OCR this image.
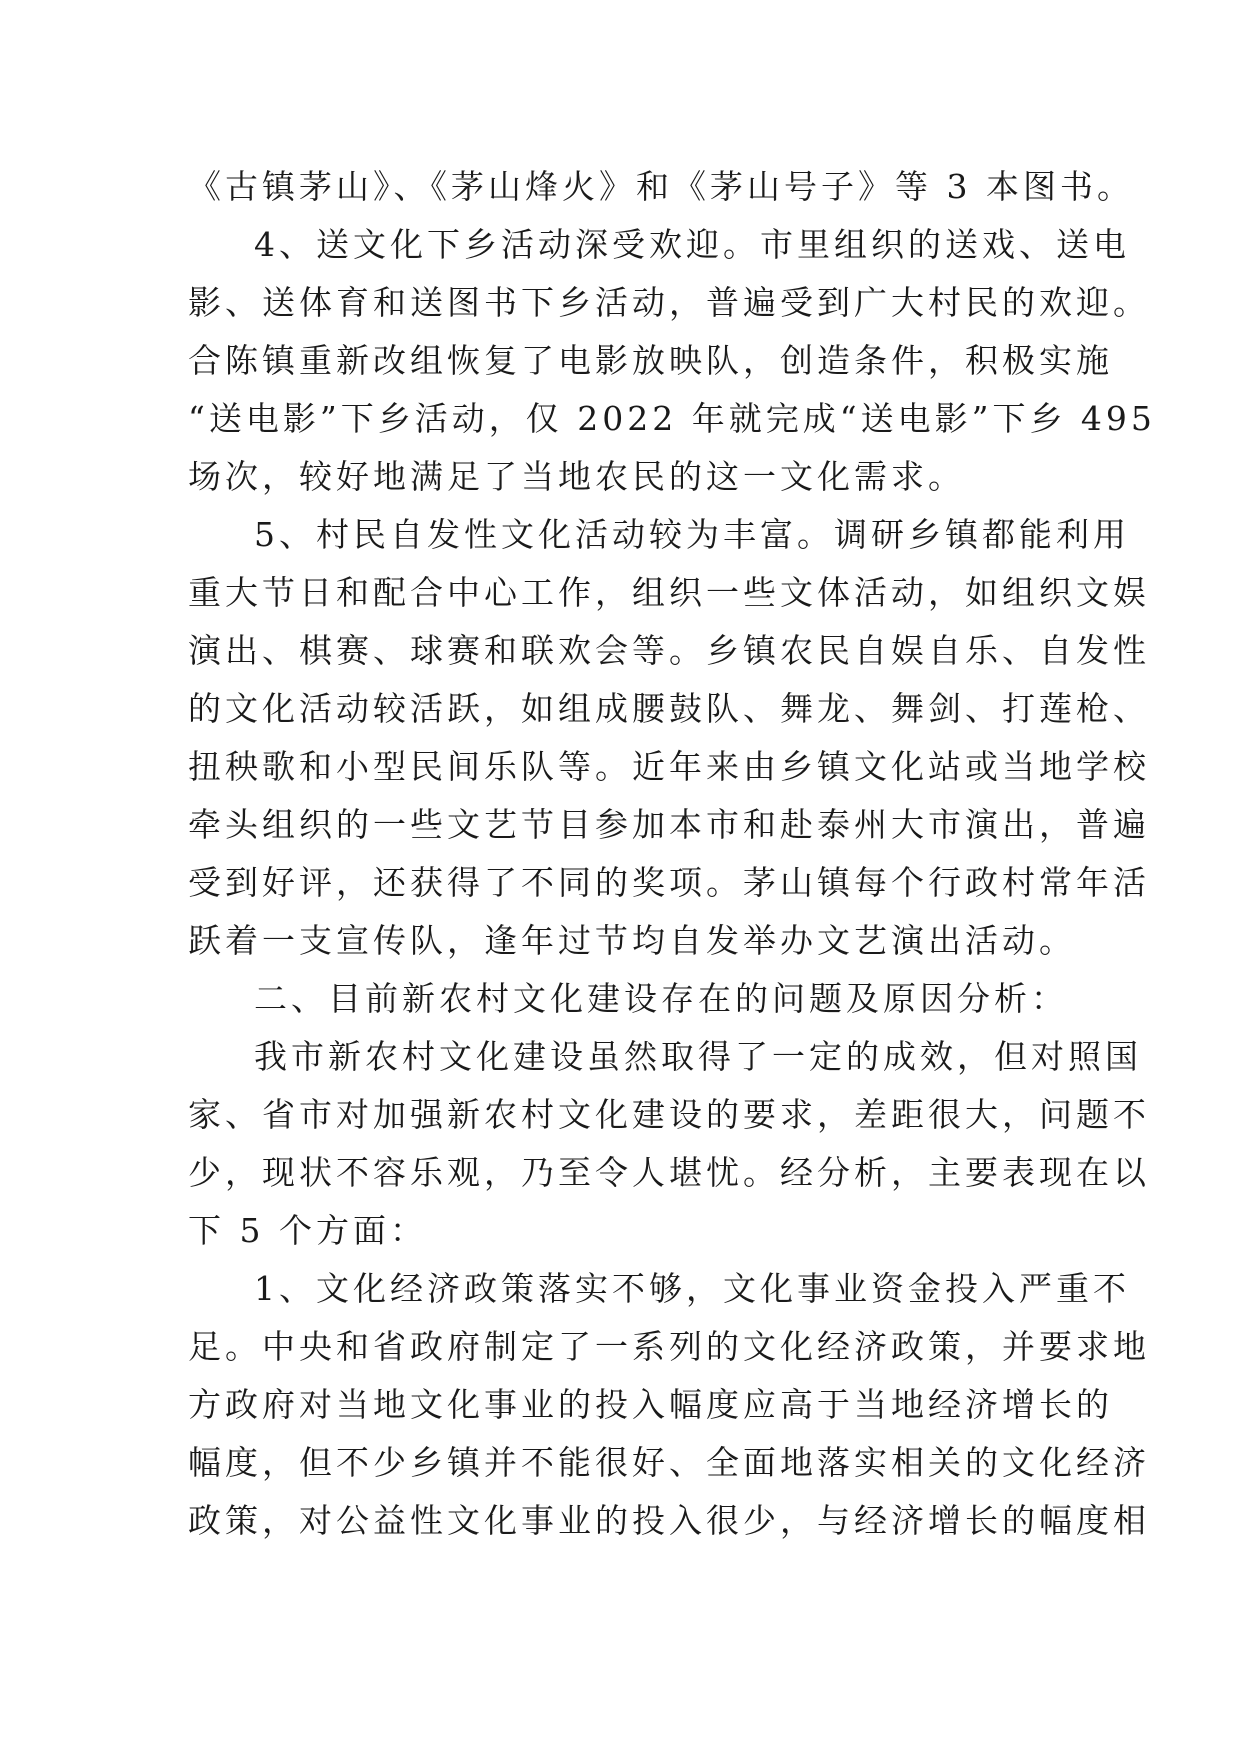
《古镇茅山》、《茅山烽火》和《茅山号子》等 3 本图书。
4、送文化下乡活动深受欢迎。市里组织的送戏、送电
影、送体育和送图书下乡活动，普遍受到广大村民的欢迎。
合陈镇重新改组恢复了电影放映队，创造条件，积极实施
“送电影”下乡活动，仅 2022 年就完成“送电影”下乡 495
场次，较好地满足了当地农民的这一文化需求。
5、村民自发性文化活动较为丰富。调研乡镇都能利用
重大节日和配合中心工作，组织一些文体活动，如组织文娱
演出、棋赛、球赛和联欢会等。乡镇农民自娱自乐、自发性
的文化活动较活跃，如组成腰鼓队、舞龙、舞剑、打莲枪、
扭秧歌和小型民间乐队等。近年来由乡镇文化站或当地学校
牵头组织的一些文艺节目参加本市和赴泰州大市演出，普遍
受到好评，还获得了不同的奖项。茅山镇每个行政村常年活
跃着一支宣传队，逢年过节均自发举办文艺演出活动。
二、目前新农村文化建设存在的问题及原因分析：
我市新农村文化建设虽然取得了一定的成效，但对照国
家、省市对加强新农村文化建设的要求，差距很大，问题不
少，现状不容乐观，乃至令人堪忧。经分析，主要表现在以
下 5 个方面：
1、文化经济政策落实不够，文化事业资金投入严重不
足。中央和省政府制定了一系列的文化经济政策，并要求地
方政府对当地文化事业的投入幅度应高于当地经济增长的
幅度，但不少乡镇并不能很好、全面地落实相关的文化经济
政策，对公益性文化事业的投入很少，与经济增长的幅度相
